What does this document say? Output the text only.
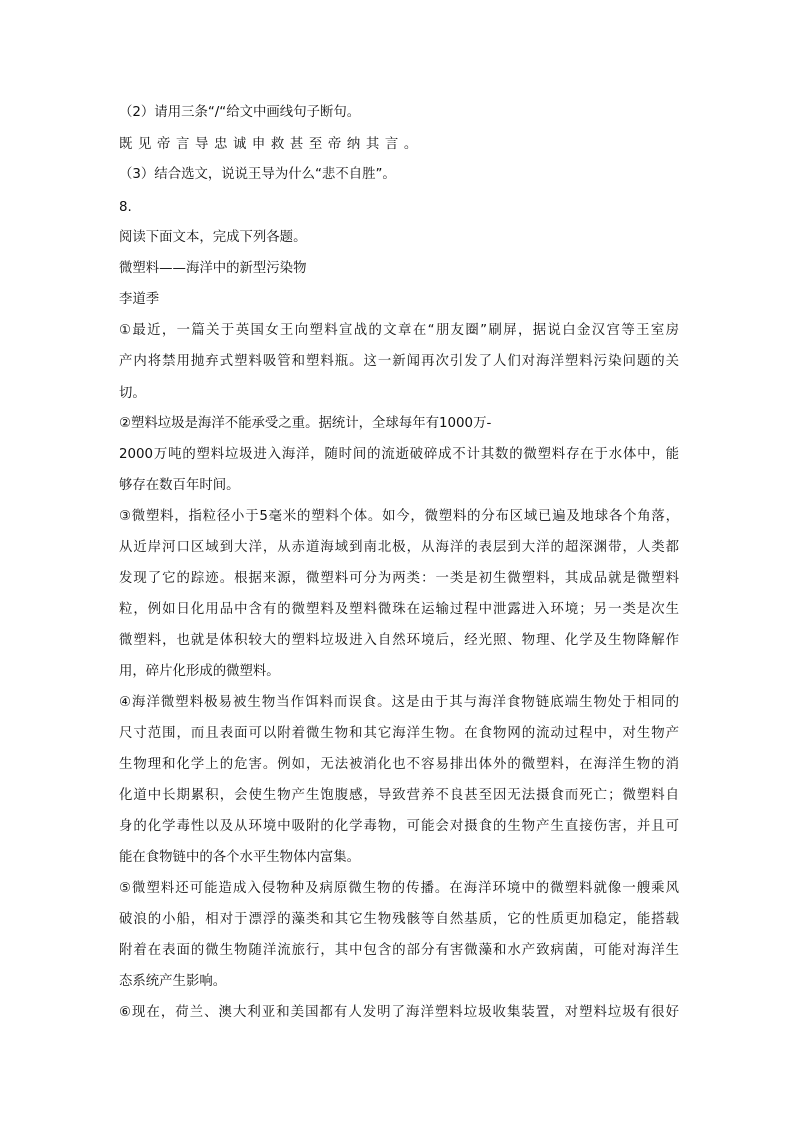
（2）请用三条“/“给文中画线句子断句。
既见帝言导忠诚申救甚至帝纳其言。
（3）结合选文，说说王导为什么“悲不自胜”。
8.
阅读下面文本，完成下列各题。
微塑料——海洋中的新型污染物
李道季
①最近，一篇关于英国女王向塑料宣战的文章在“朋友圈”刷屏，据说白金汉宫等王室房
产内将禁用抛弃式塑料吸管和塑料瓶。这一新闻再次引发了人们对海洋塑料污染问题的关
切。
②塑料垃圾是海洋不能承受之重。据统计，全球每年有1000万-
2000万吨的塑料垃圾进入海洋，随时间的流逝破碎成不计其数的微塑料存在于水体中，能
够存在数百年时间。
③微塑料，指粒径小于5毫米的塑料个体。如今，微塑料的分布区域已遍及地球各个角落，
从近岸河口区域到大洋，从赤道海域到南北极，从海洋的表层到大洋的超深渊带，人类都
发现了它的踪迹。根据来源，微塑料可分为两类：一类是初生微塑料，其成品就是微塑料
粒，例如日化用品中含有的微塑料及塑料微珠在运输过程中泄露进入环境；另一类是次生
微塑料，也就是体积较大的塑料垃圾进入自然环境后，经光照、物理、化学及生物降解作
用，碎片化形成的微塑料。
④海洋微塑料极易被生物当作饵料而误食。这是由于其与海洋食物链底端生物处于相同的
尺寸范围，而且表面可以附着微生物和其它海洋生物。在食物网的流动过程中，对生物产
生物理和化学上的危害。例如，无法被消化也不容易排出体外的微塑料，在海洋生物的消
化道中长期累积，会使生物产生饱腹感，导致营养不良甚至因无法摄食而死亡；微塑料自
身的化学毒性以及从环境中吸附的化学毒物，可能会对摄食的生物产生直接伤害，并且可
能在食物链中的各个水平生物体内富集。
⑤微塑料还可能造成入侵物种及病原微生物的传播。在海洋环境中的微塑料就像一艘乘风
破浪的小船，相对于漂浮的藻类和其它生物残骸等自然基质，它的性质更加稳定，能搭载
附着在表面的微生物随洋流旅行，其中包含的部分有害微藻和水产致病菌，可能对海洋生
态系统产生影响。
⑥现在，荷兰、澳大利亚和美国都有人发明了海洋塑料垃圾收集装置，对塑料垃圾有很好
